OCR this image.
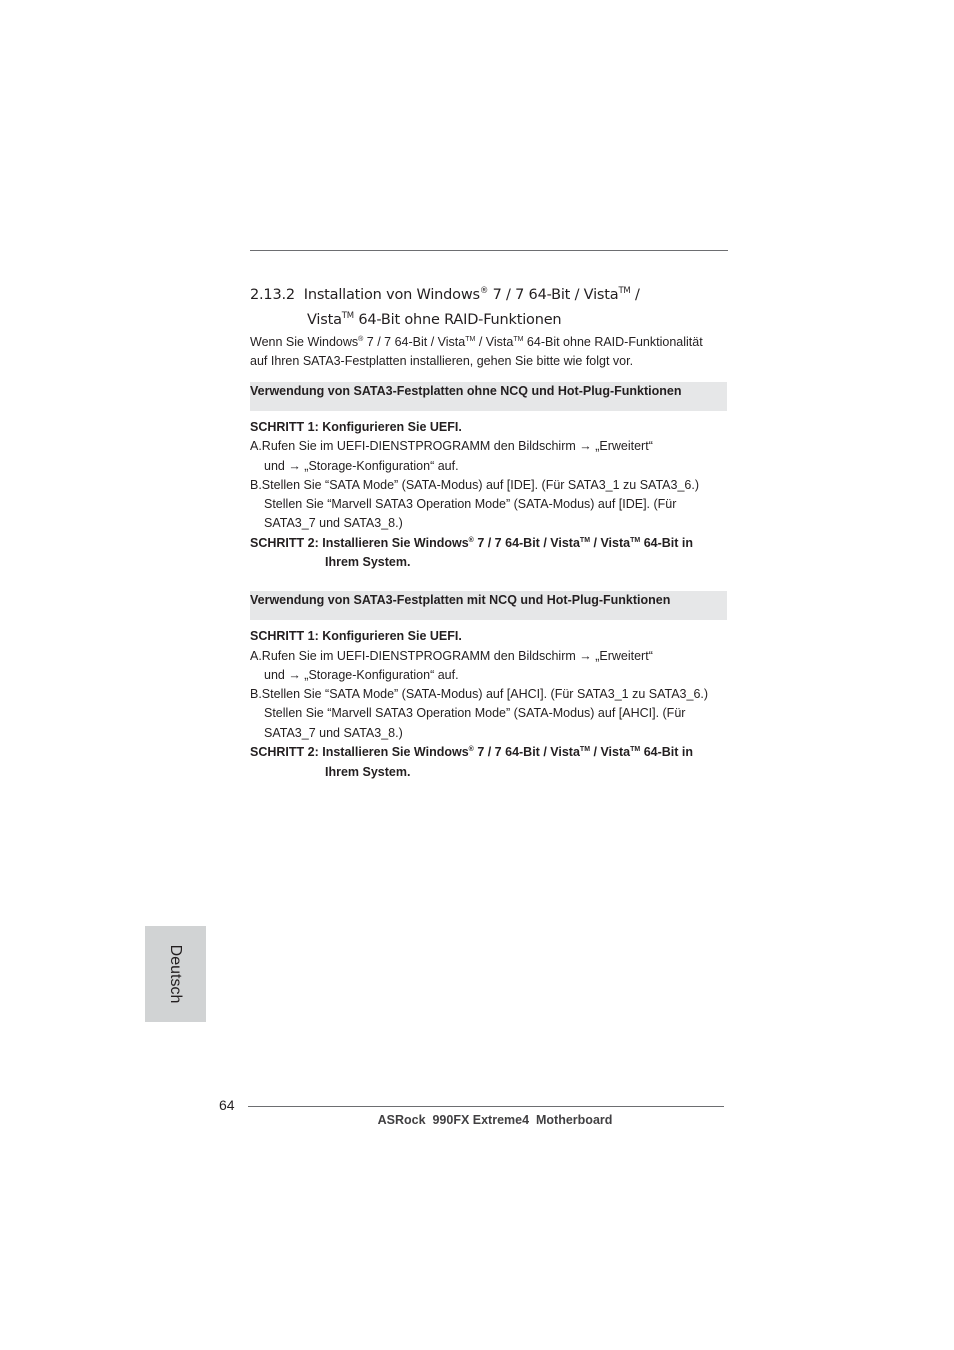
2.13.2 Installation von Windows® 7 / 7 64-Bit / Vista™ /
Vista™ 64-Bit ohne RAID-Funktionen
Wenn Sie Windows® 7 / 7 64-Bit / Vista™ / Vista™ 64-Bit ohne RAID-Funktionalität
auf Ihren SATA3-Festplatten installieren, gehen Sie bitte wie folgt vor.
Verwendung von SATA3-Festplatten ohne NCQ und Hot-Plug-Funktionen
SCHRITT 1: Konfigurieren Sie UEFI.
A.Rufen Sie im UEFI-DIENSTPROGRAMM den Bildschirm → „Erweitert“
und → „Storage-Konfiguration“ auf.
B.Stellen Sie “SATA Mode” (SATA-Modus) auf [IDE]. (Für SATA3_1 zu SATA3_6.)
Stellen Sie “Marvell SATA3 Operation Mode” (SATA-Modus) auf [IDE]. (Für
SATA3_7 und SATA3_8.)
SCHRITT 2: Installieren Sie Windows® 7 / 7 64-Bit / Vista™ / Vista™ 64-Bit in
Ihrem System.
Verwendung von SATA3-Festplatten mit NCQ und Hot-Plug-Funktionen
SCHRITT 1: Konfigurieren Sie UEFI.
A.Rufen Sie im UEFI-DIENSTPROGRAMM den Bildschirm → „Erweitert“
und → „Storage-Konfiguration“ auf.
B.Stellen Sie “SATA Mode” (SATA-Modus) auf [AHCI]. (Für SATA3_1 zu SATA3_6.)
Stellen Sie “Marvell SATA3 Operation Mode” (SATA-Modus) auf [AHCI]. (Für
SATA3_7 und SATA3_8.)
SCHRITT 2: Installieren Sie Windows® 7 / 7 64-Bit / Vista™ / Vista™ 64-Bit in
Ihrem System.
Deutsch
64
ASRock  990FX Extreme4  Motherboard
